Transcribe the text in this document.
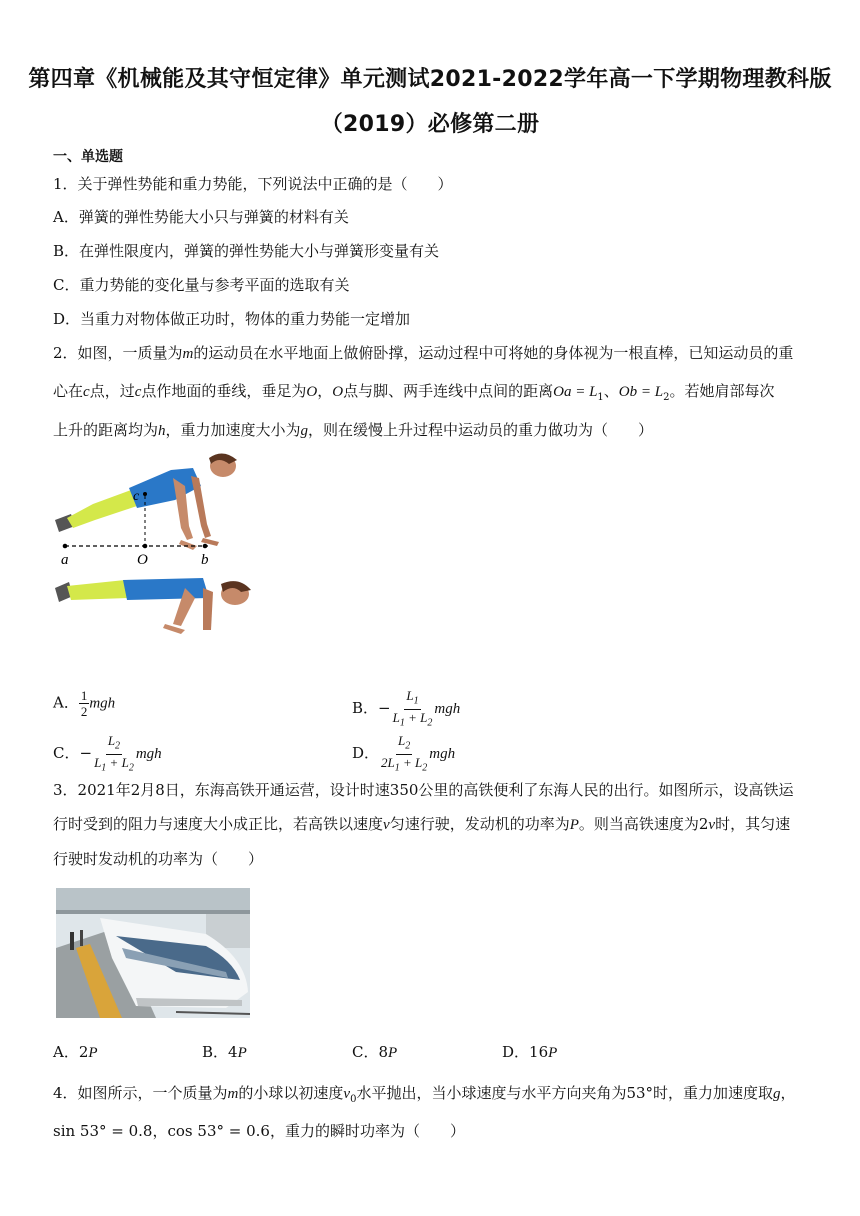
第四章《机械能及其守恒定律》单元测试2021-2022学年高一下学期物理教科版
（2019）必修第二册
一、单选题
1．关于弹性势能和重力势能，下列说法中正确的是（　　）
A．弹簧的弹性势能大小只与弹簧的材料有关
B．在弹性限度内，弹簧的弹性势能大小与弹簧形变量有关
C．重力势能的变化量与参考平面的选取有关
D．当重力对物体做正功时，物体的重力势能一定增加
2．如图，一质量为m的运动员在水平地面上做俯卧撑，运动过程中可将她的身体视为一根直棒，已知运动员的重
心在c点，过c点作地面的垂线，垂足为O，O点与脚、两手连线中点间的距离$Oa = L_1$、$Ob = L_2$。若她肩部每次
上升的距离均为h，重力加速度大小为g，则在缓慢上升过程中运动员的重力做功为（　　）
c
a	O	b
A． $\frac{1}{2}$ mgh	B．− $\frac{L_1}{L_1 + L_2}$ mgh
C．− $\frac{L_2}{L_1 + L_2}$ mgh	D． $\frac{L_2}{2L_1 + L_2}$ mgh
3．2021年2月8日，东海高铁开通运营，设计时速350公里的高铁便利了东海人民的出行。如图所示，设高铁运
行时受到的阻力与速度大小成正比，若高铁以速度v匀速行驶，发动机的功率为P。则当高铁速度为2v时，其匀速
行驶时发动机的功率为（　　）
A．2P	B．4P	C．8P	D．16P
4．如图所示，一个质量为m的小球以初速度$v_0$水平抛出，当小球速度与水平方向夹角为53°时，重力加速度取g，
sin 53° = 0.8，cos 53° = 0.6，重力的瞬时功率为（　　）
